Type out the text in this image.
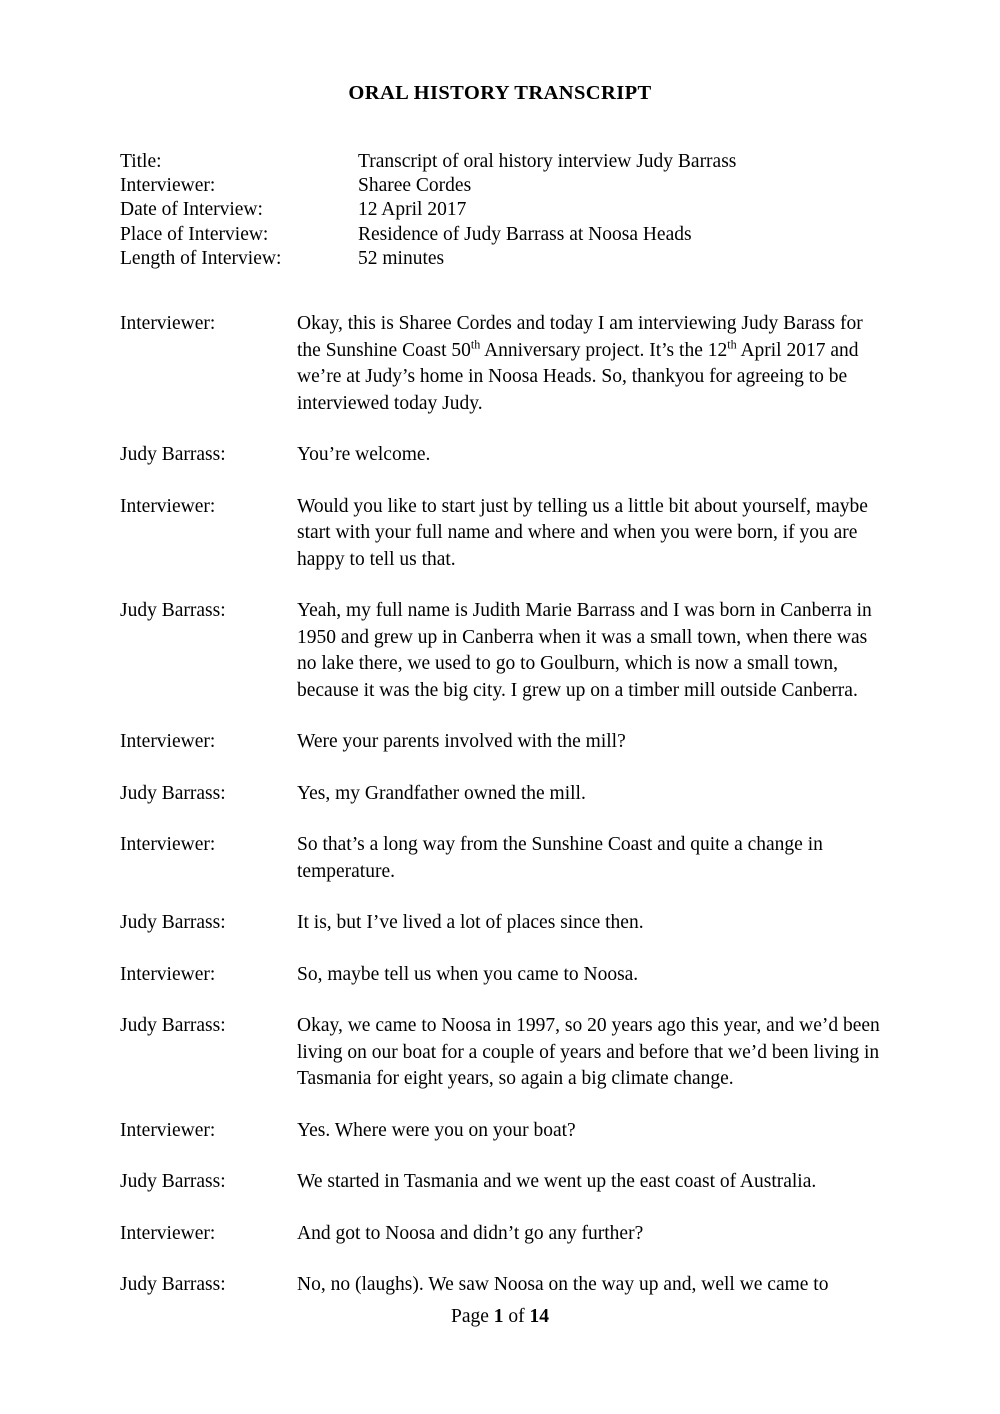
ORAL HISTORY TRANSCRIPT
Title:	Transcript of oral history interview Judy Barrass
Interviewer:	Sharee Cordes
Date of Interview:	12 April 2017
Place of Interview:	Residence of Judy Barrass at Noosa Heads
Length of Interview:	52 minutes
Interviewer:	Okay, this is Sharee Cordes and today I am interviewing Judy Barass for the Sunshine Coast 50th Anniversary project. It’s the 12th April 2017 and we’re at Judy’s home in Noosa Heads. So, thankyou for agreeing to be interviewed today Judy.
Judy Barrass:	You’re welcome.
Interviewer:	Would you like to start just by telling us a little bit about yourself, maybe start with your full name and where and when you were born, if you are happy to tell us that.
Judy Barrass:	Yeah, my full name is Judith Marie Barrass and I was born in Canberra in 1950 and grew up in Canberra when it was a small town, when there was no lake there, we used to go to Goulburn, which is now a small town, because it was the big city. I grew up on a timber mill outside Canberra.
Interviewer:	Were your parents involved with the mill?
Judy Barrass:	Yes, my Grandfather owned the mill.
Interviewer:	So that’s a long way from the Sunshine Coast and quite a change in temperature.
Judy Barrass:	It is, but I’ve lived a lot of places since then.
Interviewer:	So, maybe tell us when you came to Noosa.
Judy Barrass:	Okay, we came to Noosa in 1997, so 20 years ago this year, and we’d been living on our boat for a couple of years and before that we’d been living in Tasmania for eight years, so again a big climate change.
Interviewer:	Yes. Where were you on your boat?
Judy Barrass:	We started in Tasmania and we went up the east coast of Australia.
Interviewer:	And got to Noosa and didn’t go any further?
Judy Barrass:	No, no (laughs). We saw Noosa on the way up and, well we came to
Page 1 of 14
